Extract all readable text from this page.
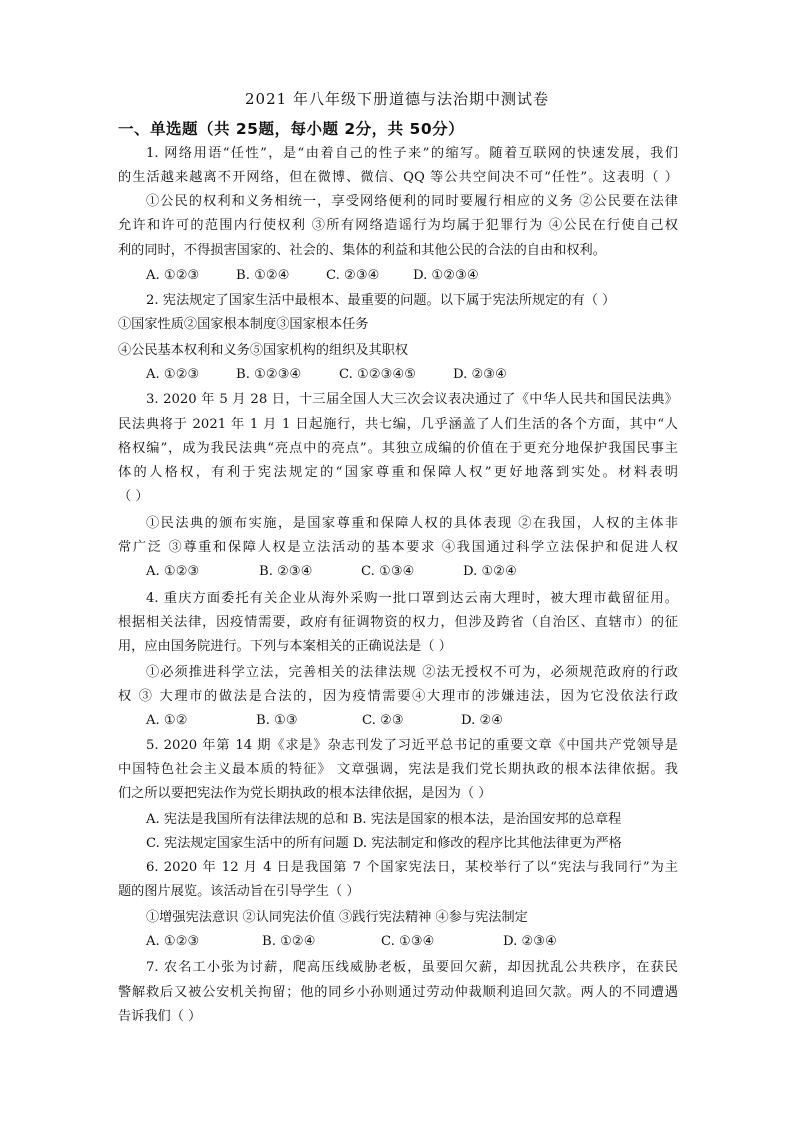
2021 年八年级下册道德与法治期中测试卷
一、单选题（共 25题，每小题 2分，共 50分）
1. 网络用语“任性”，是“由着自己的性子来”的缩写。随着互联网的快速发展，我们
的生活越来越离不开网络，但在微博、微信、QQ 等公共空间决不可“任性”。这表明（ ）
①公民的权利和义务相统一，享受网络便利的同时要履行相应的义务 ②公民要在法律
允许和许可的范围内行使权利 ③所有网络造谣行为均属于犯罪行为 ④公民在行使自己权
利的同时，不得损害国家的、社会的、集体的利益和其他公民的合法的自由和权利。
2. 宪法规定了国家生活中最根本、最重要的问题。以下属于宪法所规定的有（ ）
①国家性质②国家根本制度③国家根本任务
④公民基本权利和义务⑤国家机构的组织及其职权
3. 2020 年 5 月 28 日，十三届全国人大三次会议表决通过了《中华人民共和国民法典》
民法典将于 2021 年 1 月 1 日起施行，共七编，几乎涵盖了人们生活的各个方面，其中“人
格权编”，成为我民法典“亮点中的亮点”。其独立成编的价值在于更充分地保护我国民事主
体的人格权，有利于宪法规定的“国家尊重和保障人权”更好地落到实处。材料表明
（ ）
①民法典的颁布实施，是国家尊重和保障人权的具体表现 ②在我国，人权的主体非
常广泛 ③尊重和保障人权是立法活动的基本要求 ④我国通过科学立法保护和促进人权
4. 重庆方面委托有关企业从海外采购一批口罩到达云南大理时，被大理市截留征用。
根据相关法律，因疫情需要，政府有征调物资的权力，但涉及跨省（自治区、直辖市）的征
用，应由国务院进行。下列与本案相关的正确说法是（ ）
①必须推进科学立法，完善相关的法律法规 ②法无授权不可为，必须规范政府的行政
权 ③ 大理市的做法是合法的，因为疫情需要④大理市的涉嫌违法，因为它没依法行政
5. 2020 年第 14 期《求是》杂志刊发了习近平总书记的重要文章《中国共产党领导是
中国特色社会主义最本质的特征》 文章强调，宪法是我们党长期执政的根本法律依据。我
们之所以要把宪法作为党长期执政的根本法律依据，是因为（ ）
A. 宪法是我国所有法律法规的总和 B. 宪法是国家的根本法，是治国安邦的总章程
C. 宪法规定国家生活中的所有问题 D. 宪法制定和修改的程序比其他法律更为严格
6. 2020 年 12 月 4 日是我国第 7 个国家宪法日，某校举行了以“宪法与我同行”为主
题的图片展览。该活动旨在引导学生（ ）
①增强宪法意识 ②认同宪法价值 ③践行宪法精神 ④参与宪法制定
7. 农名工小张为讨薪，爬高压线威胁老板，虽要回欠薪，却因扰乱公共秩序，在获民
警解救后又被公安机关拘留；他的同乡小孙则通过劳动仲裁顺利追回欠款。两人的不同遭遇
告诉我们（ ）
A. ①②③	B. ①②④	C. ②③④	D. ①②③④
A. ①②③	B. ①②③④	C. ①②③④⑤	D. ②③④
A. ①②③	B. ②③④	C. ①③④	D. ①②④
A. ①②	B. ①③	C. ②③	D. ②④
A. ①②③	B. ①②④	C. ①③④	D. ②③④
